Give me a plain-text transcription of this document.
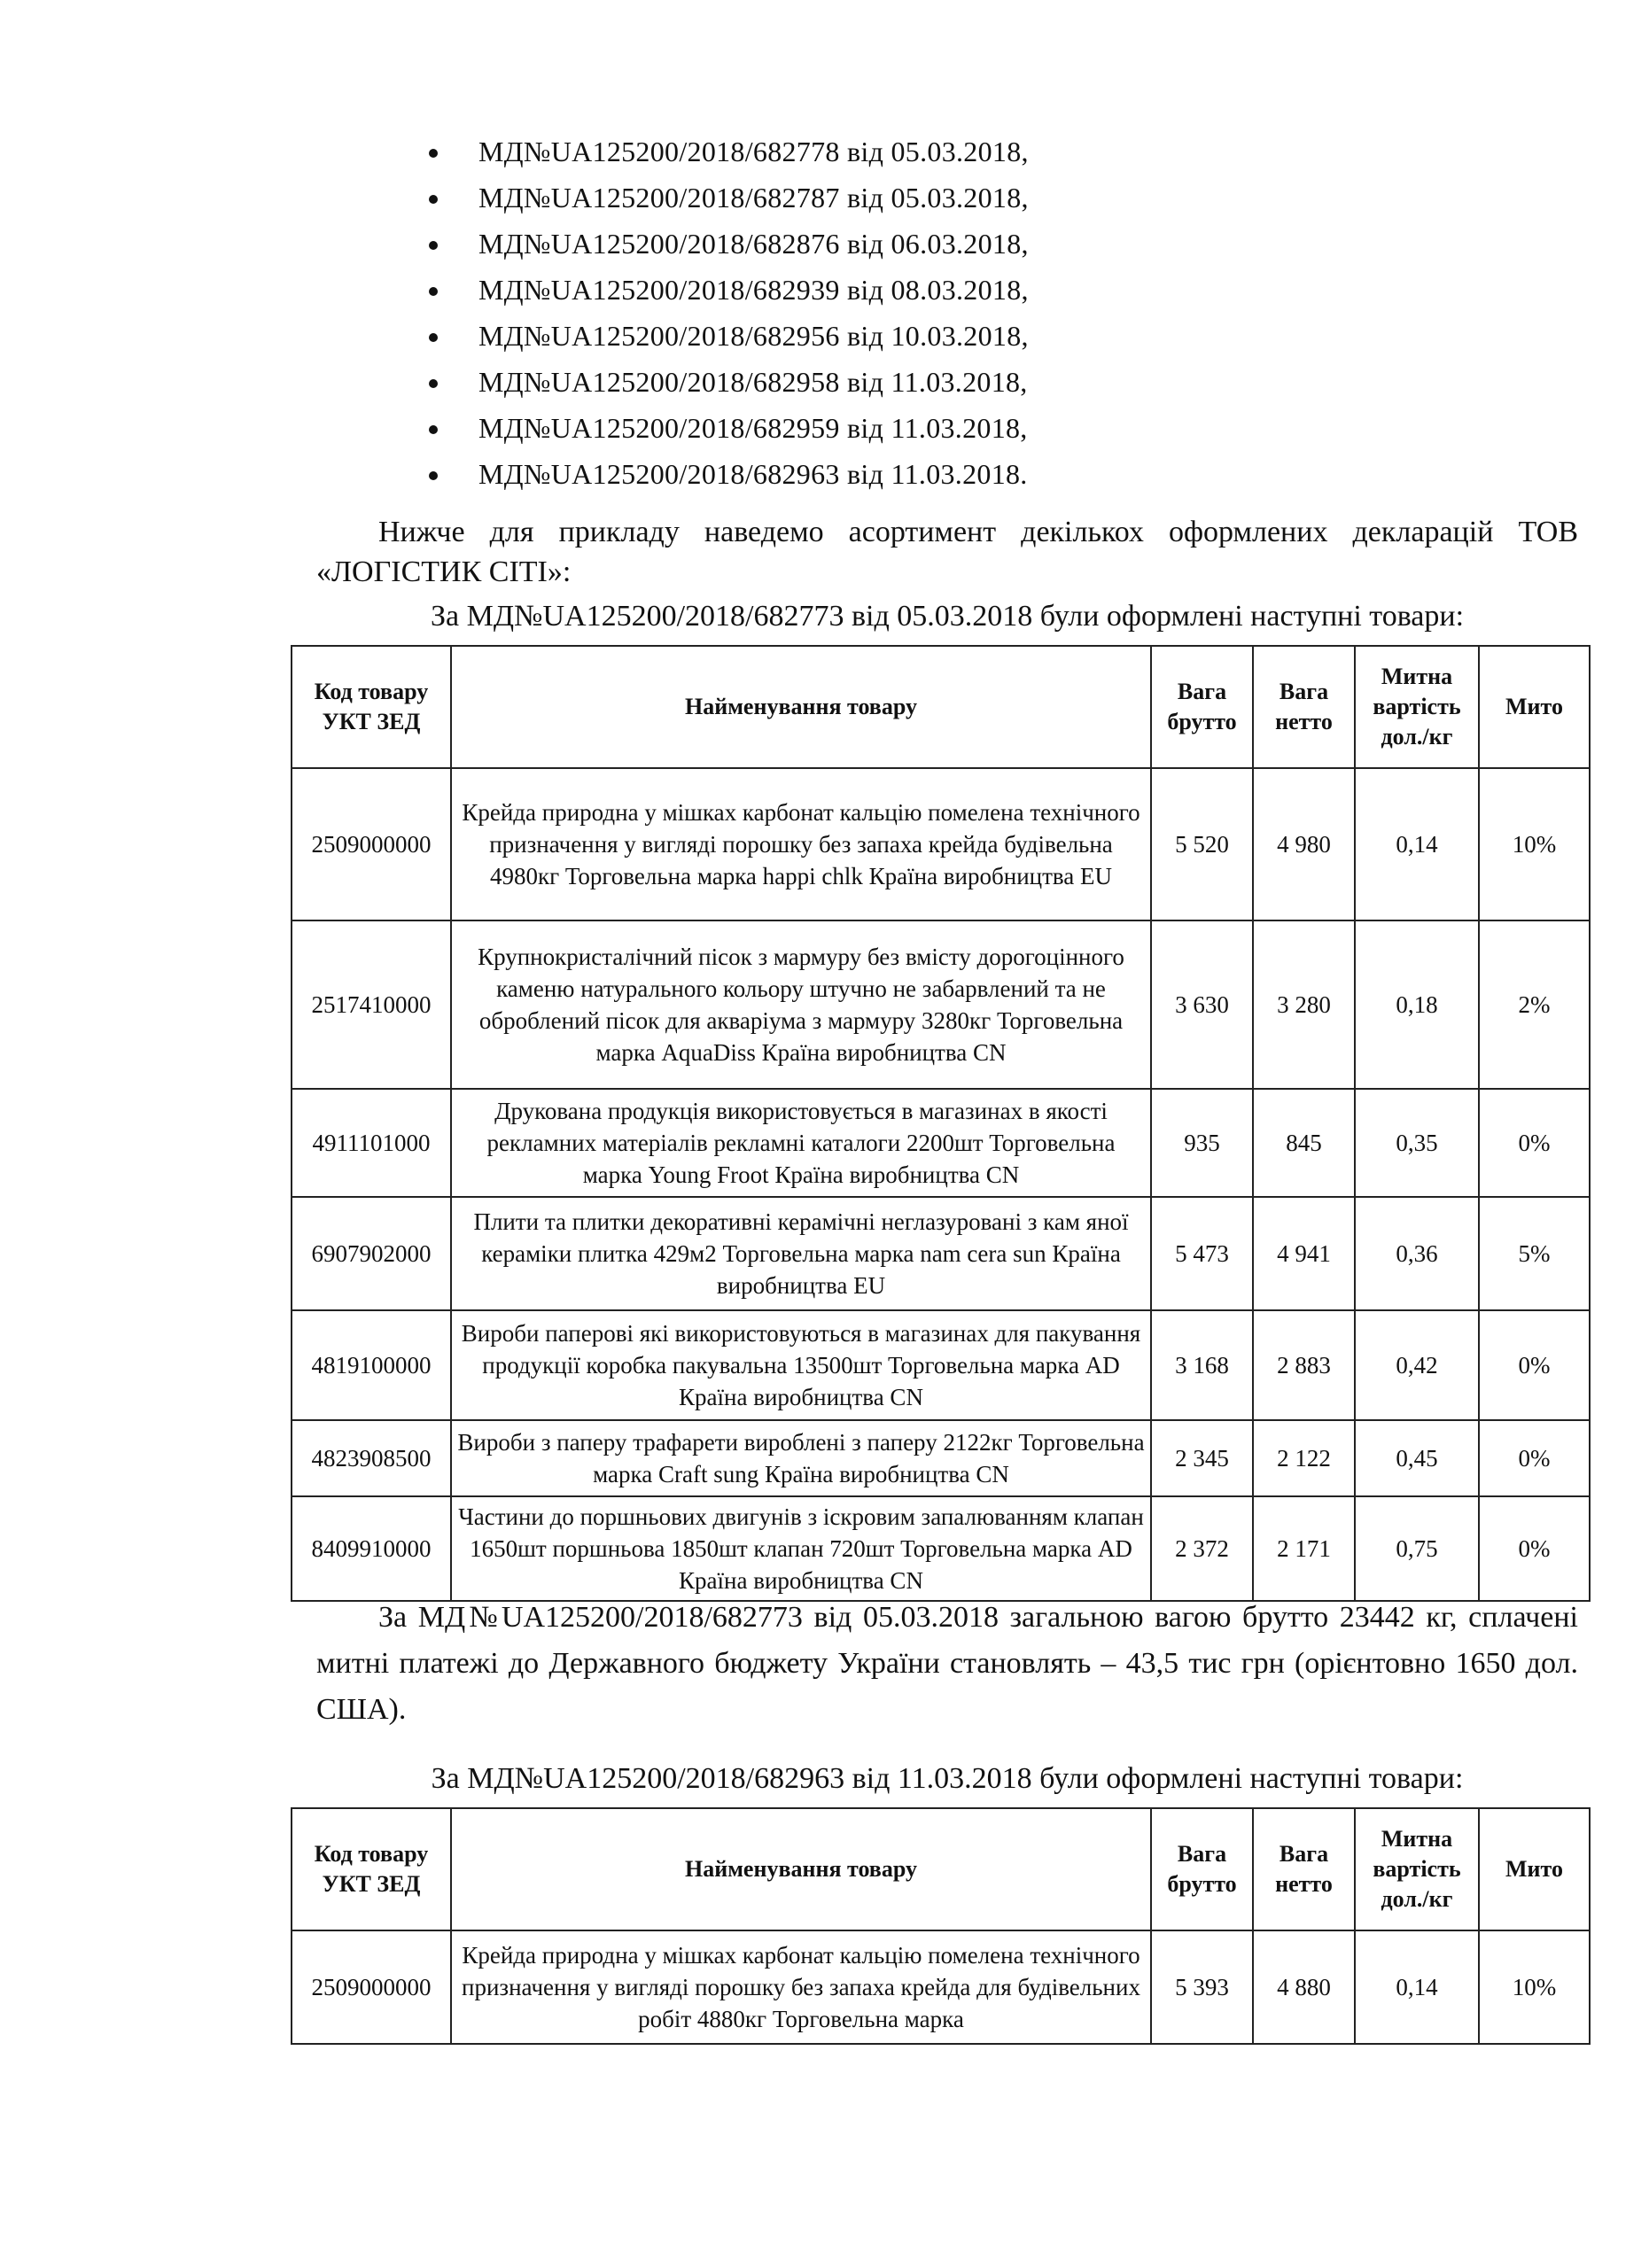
МД№UA125200/2018/682778 від 05.03.2018,
МД№UA125200/2018/682787 від 05.03.2018,
МД№UA125200/2018/682876 від 06.03.2018,
МД№UA125200/2018/682939 від 08.03.2018,
МД№UA125200/2018/682956 від 10.03.2018,
МД№UA125200/2018/682958 від 11.03.2018,
МД№UA125200/2018/682959 від 11.03.2018,
МД№UA125200/2018/682963 від 11.03.2018.

Нижче для прикладу наведемо асортимент декількох оформлених декларацій ТОВ «ЛОГІСТИК СІТІ»:

За МД№UA125200/2018/682773 від 05.03.2018 були оформлені наступні товари:

Код товару УКТ ЗЕД	Найменування товару	Вага брутто	Вага нетто	Митна вартість дол./кг	Мито
2509000000	Крейда природна у мішках карбонат кальцію помелена технічного призначення у вигляді порошку без запаха крейда будівельна 4980кг Торговельна марка happi chlk Країна виробництва EU	5 520	4 980	0,14	10%
2517410000	Крупнокристалічний пісок з мармуру без вмісту дорогоцінного каменю натурального кольору штучно не забарвлений та не оброблений пісок для акваріума з мармуру 3280кг Торговельна марка AquaDiss Країна виробництва CN	3 630	3 280	0,18	2%
4911101000	Друкована продукція використовується в магазинах в якості рекламних матеріалів рекламні каталоги 2200шт Торговельна марка Young Froot Країна виробництва CN	935	845	0,35	0%
6907902000	Плити та плитки декоративні керамічні неглазурованi з кам яної кераміки плитка 429м2 Торговельна марка nam cera sun Країна виробництва EU	5 473	4 941	0,36	5%
4819100000	Вироби паперові які використовуються в магазинах для пакування продукції коробка пакувальна 13500шт Торговельна марка AD Країна виробництва CN	3 168	2 883	0,42	0%
4823908500	Вироби з паперу трафарети виробленi з паперу 2122кг Торговельна марка Craft sung Країна виробництва CN	2 345	2 122	0,45	0%
8409910000	Частини до поршньових двигунів з іскровим запалюванням клапан 1650шт поршньова 1850шт клапан 720шт Торговельна марка AD Країна виробництва CN	2 372	2 171	0,75	0%

За МД№UA125200/2018/682773 від 05.03.2018 загальною вагою брутто 23442 кг, сплачені митні платежі до Державного бюджету України становлять – 43,5 тис грн (орієнтовно 1650 дол. США).

За МД№UA125200/2018/682963 від 11.03.2018 були оформлені наступні товари:

Код товару УКТ ЗЕД	Найменування товару	Вага брутто	Вага нетто	Митна вартість дол./кг	Мито
2509000000	Крейда природна у мішках карбонат кальцію помелена технічного призначення у вигляді порошку без запаха крейда для будівельних робіт 4880кг Торговельна марка	5 393	4 880	0,14	10%
